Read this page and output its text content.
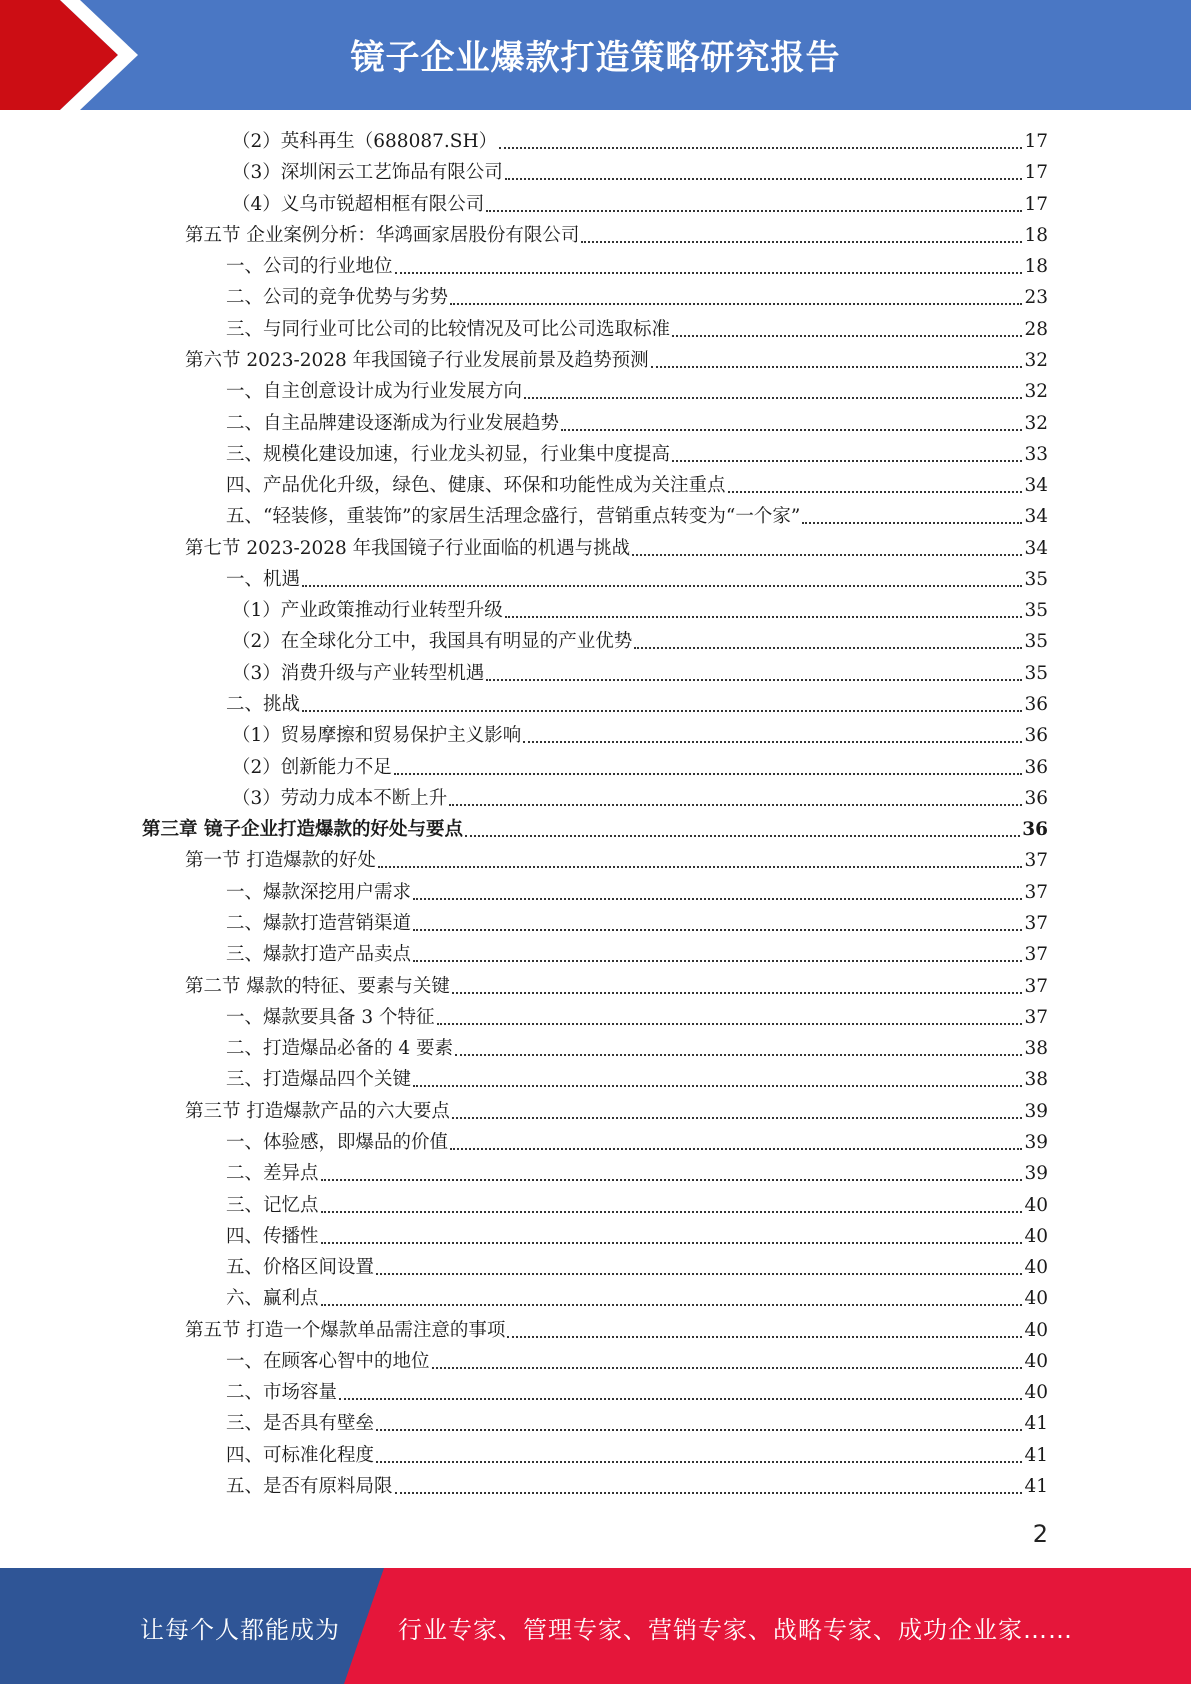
镜子企业爆款打造策略研究报告
（2）英科再生（688087.SH）	17
（3）深圳闲云工艺饰品有限公司	17
（4）义乌市锐超相框有限公司	17
第五节 企业案例分析：华鸿画家居股份有限公司	18
一、公司的行业地位	18
二、公司的竞争优势与劣势	23
三、与同行业可比公司的比较情况及可比公司选取标准	28
第六节 2023-2028 年我国镜子行业发展前景及趋势预测	32
一、自主创意设计成为行业发展方向	32
二、自主品牌建设逐渐成为行业发展趋势	32
三、规模化建设加速，行业龙头初显，行业集中度提高	33
四、产品优化升级，绿色、健康、环保和功能性成为关注重点	34
五、“轻装修，重装饰”的家居生活理念盛行，营销重点转变为“一个家”	34
第七节 2023-2028 年我国镜子行业面临的机遇与挑战	34
一、机遇	35
（1）产业政策推动行业转型升级	35
（2）在全球化分工中，我国具有明显的产业优势	35
（3）消费升级与产业转型机遇	35
二、挑战	36
（1）贸易摩擦和贸易保护主义影响	36
（2）创新能力不足	36
（3）劳动力成本不断上升	36
第三章 镜子企业打造爆款的好处与要点	36
第一节 打造爆款的好处	37
一、爆款深挖用户需求	37
二、爆款打造营销渠道	37
三、爆款打造产品卖点	37
第二节 爆款的特征、要素与关键	37
一、爆款要具备 3 个特征	37
二、打造爆品必备的 4 要素	38
三、打造爆品四个关键	38
第三节 打造爆款产品的六大要点	39
一、体验感，即爆品的价值	39
二、差异点	39
三、记忆点	40
四、传播性	40
五、价格区间设置	40
六、赢利点	40
第五节 打造一个爆款单品需注意的事项	40
一、在顾客心智中的地位	40
二、市场容量	40
三、是否具有壁垒	41
四、可标准化程度	41
五、是否有原料局限	41
2
让每个人都能成为 行业专家、管理专家、营销专家、战略专家、成功企业家……
